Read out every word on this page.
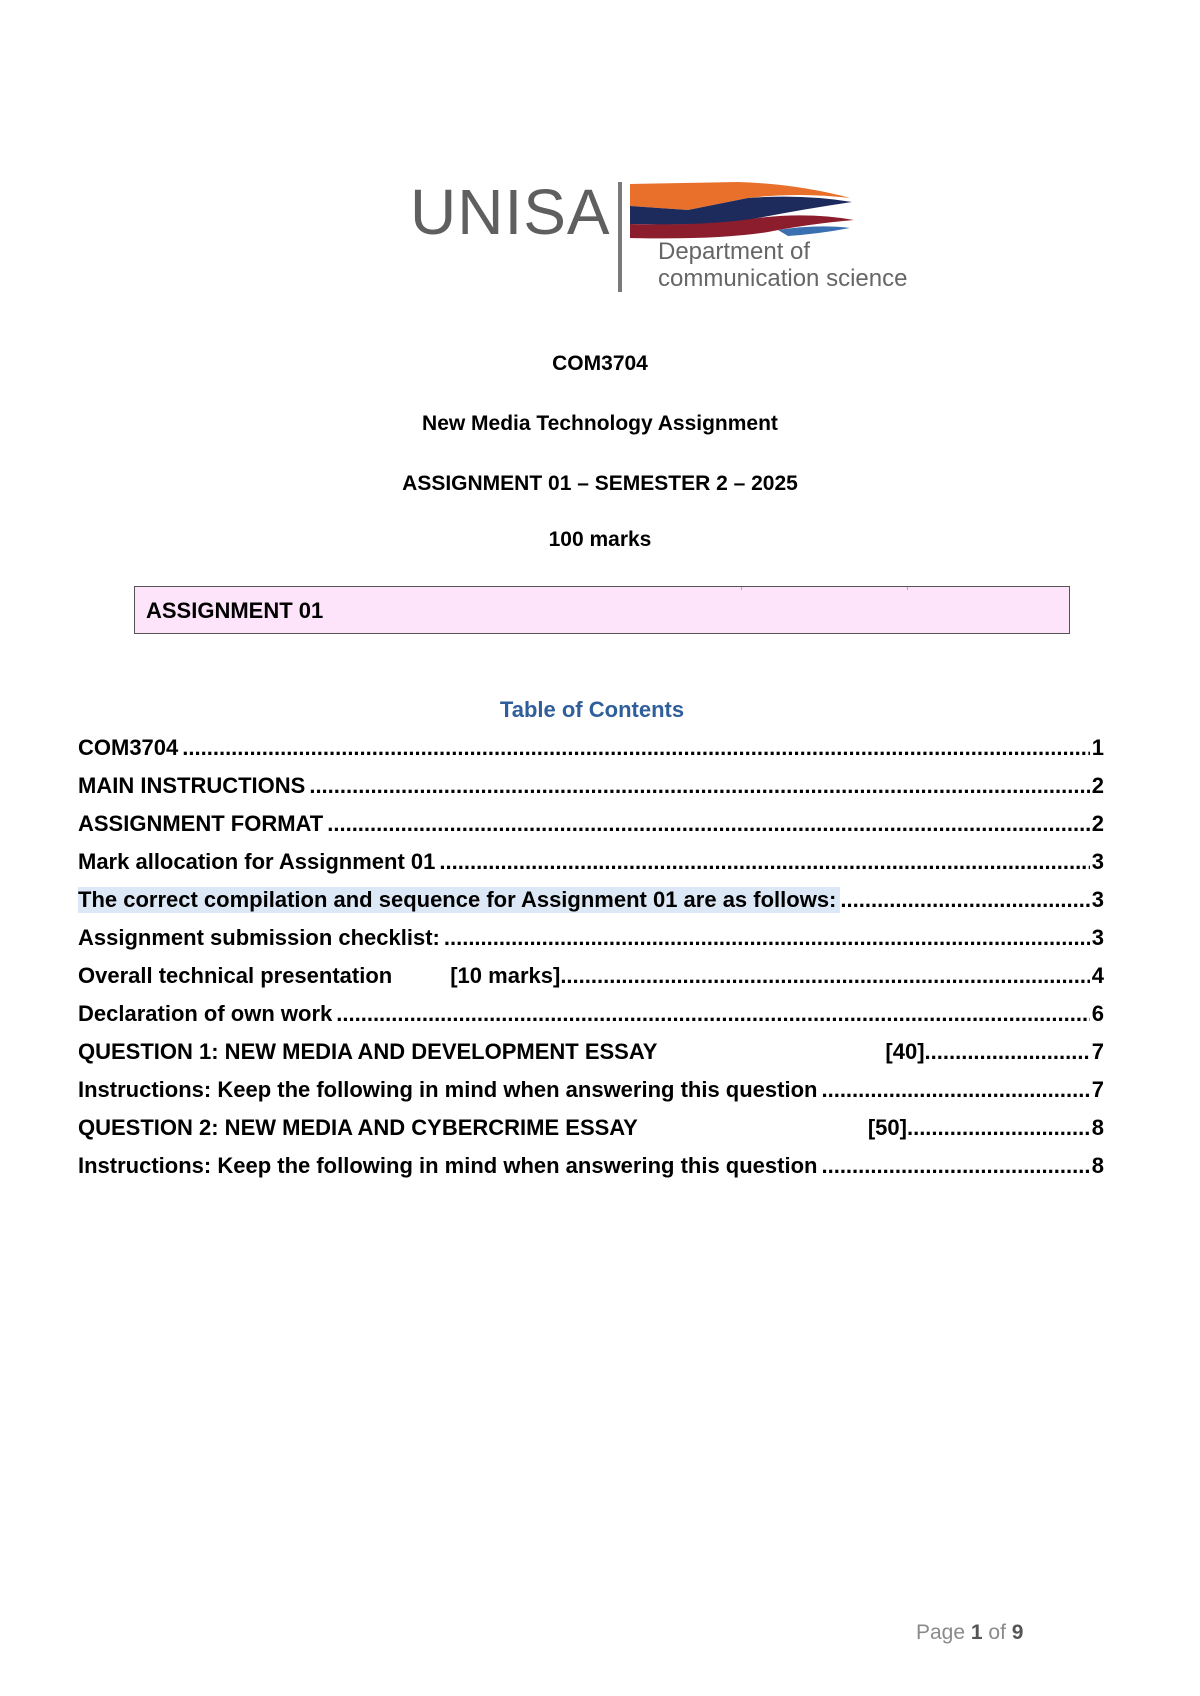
UNISA
Department of
communication science
COM3704
New Media Technology Assignment
ASSIGNMENT 01 – SEMESTER 2 – 2025
100 marks
ASSIGNMENT 01
Table of Contents
COM3704 .....	1
MAIN INSTRUCTIONS .....	2
ASSIGNMENT FORMAT .....	2
Mark allocation for Assignment 01 .....	3
The correct compilation and sequence for Assignment 01 are as follows: .....	3
Assignment submission checklist: .....	3
Overall technical presentation	[10 marks] .....	4
Declaration of own work .....	6
QUESTION 1: NEW MEDIA AND DEVELOPMENT ESSAY	[40] .....	7
Instructions: Keep the following in mind when answering this question .....	7
QUESTION 2: NEW MEDIA AND CYBERCRIME ESSAY	[50] .....	8
Instructions: Keep the following in mind when answering this question .....	8
Page 1 of 9
